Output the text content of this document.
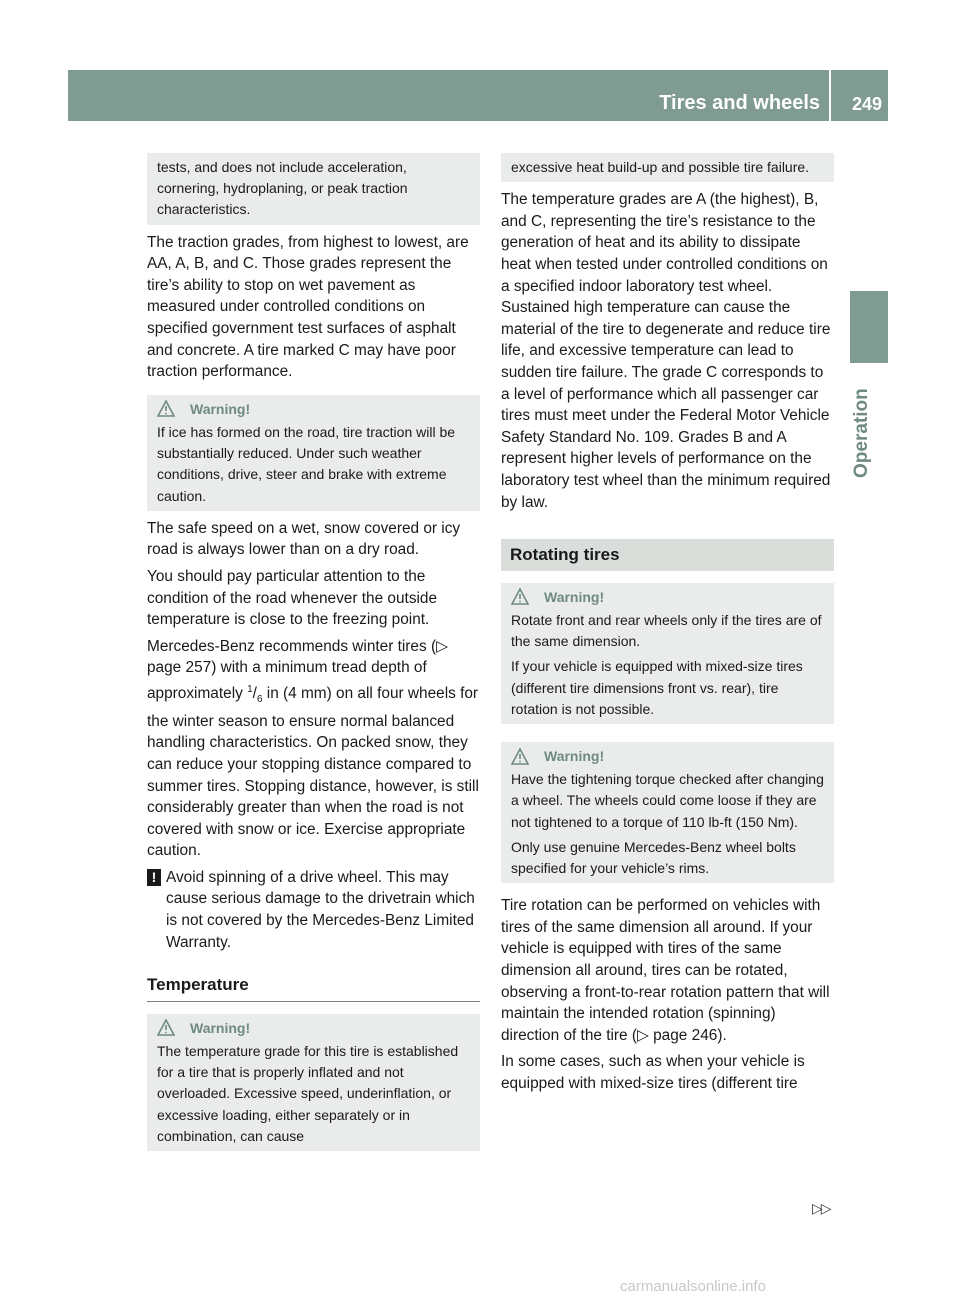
Tires and wheels 249
Operation

tests, and does not include acceleration, cornering, hydroplaning, or peak traction characteristics.

The traction grades, from highest to lowest, are AA, A, B, and C. Those grades represent the tire’s ability to stop on wet pavement as measured under controlled conditions on specified government test surfaces of asphalt and concrete. A tire marked C may have poor traction performance.

Warning!

If ice has formed on the road, tire traction will be substantially reduced. Under such weather conditions, drive, steer and brake with extreme caution.

The safe speed on a wet, snow covered or icy road is always lower than on a dry road.

You should pay particular attention to the condition of the road whenever the outside temperature is close to the freezing point.

Mercedes-Benz recommends winter tires (▷ page 257) with a minimum tread depth of approximately $^1/_6$ in (4 mm) on all four wheels for the winter season to ensure normal balanced handling characteristics. On packed snow, they can reduce your stopping distance compared to summer tires. Stopping distance, however, is still considerably greater than when the road is not covered with snow or ice. Exercise appropriate caution.

! Avoid spinning of a drive wheel. This may cause serious damage to the drivetrain which is not covered by the Mercedes-Benz Limited Warranty.
Temperature
Warning!

The temperature grade for this tire is established for a tire that is properly inflated and not overloaded. Excessive speed, underinflation, or excessive loading, either separately or in combination, can cause

excessive heat build-up and possible tire failure.

The temperature grades are A (the highest), B, and C, representing the tire’s resistance to the generation of heat and its ability to dissipate heat when tested under controlled conditions on a specified indoor laboratory test wheel. Sustained high temperature can cause the material of the tire to degenerate and reduce tire life, and excessive temperature can lead to sudden tire failure. The grade C corresponds to a level of performance which all passenger car tires must meet under the Federal Motor Vehicle Safety Standard No. 109. Grades B and A represent higher levels of performance on the laboratory test wheel than the minimum required by law.

Rotating tires
Warning!

Rotate front and rear wheels only if the tires are of the same dimension.

If your vehicle is equipped with mixed-size tires (different tire dimensions front vs. rear), tire rotation is not possible.

Warning!

Have the tightening torque checked after changing a wheel. The wheels could come loose if they are not tightened to a torque of 110 lb-ft (150 Nm).

Only use genuine Mercedes-Benz wheel bolts specified for your vehicle’s rims.

Tire rotation can be performed on vehicles with tires of the same dimension all around. If your vehicle is equipped with tires of the same dimension all around, tires can be rotated, observing a front-to-rear rotation pattern that will maintain the intended rotation (spinning) direction of the tire (▷ page 246).

In some cases, such as when your vehicle is equipped with mixed-size tires (different tire

▷▷
carmanualsonline.info
